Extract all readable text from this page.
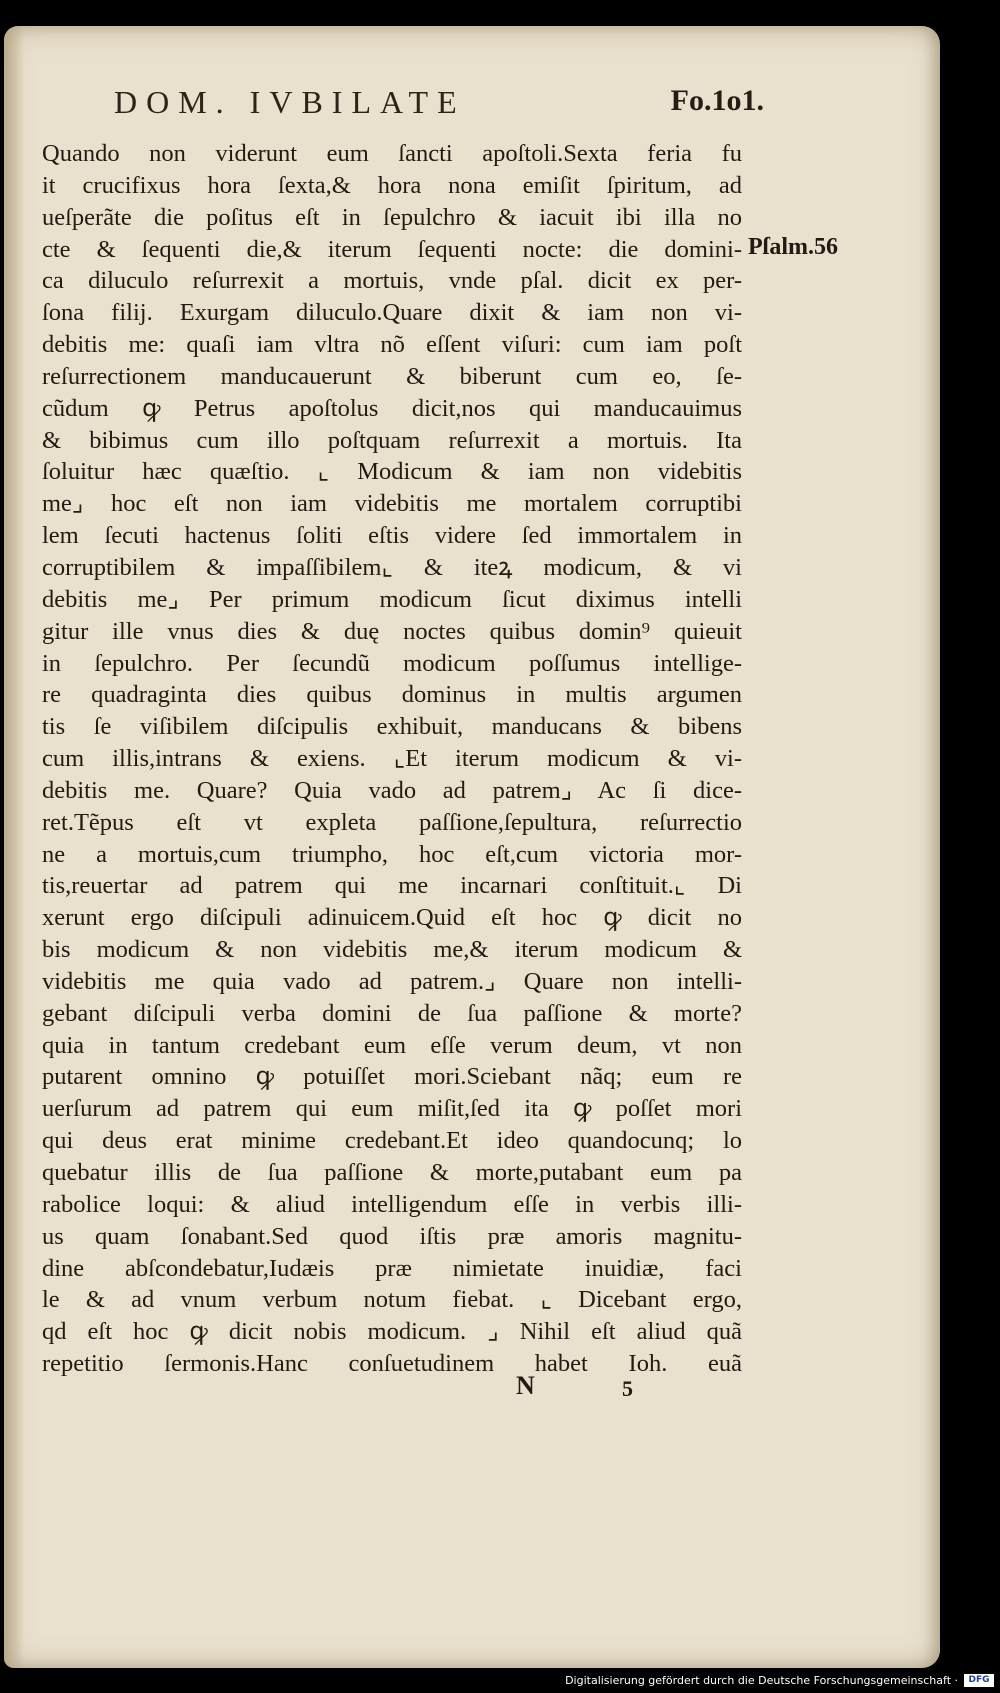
DOM. IVBILATE	Fo.1o1.
Quando non viderunt eum ſancti apoſtoli.Sexta feria fu
it crucifixus hora ſexta,& hora nona emiſit ſpiritum, ad
ueſperãte die poſitus eſt in ſepulchro & iacuit ibi illa no
cte & ſequenti die,& iterum ſequenti nocte: die domini-
ca diluculo reſurrexit a mortuis, vnde pſal. dicit ex per-
ſona filij. Exurgam diluculo.Quare dixit & iam non vi-
debitis me: quaſi iam vltra nõ eſſent viſuri: cum iam poſt
reſurrectionem manducauerunt & biberunt cum eo, ſe-
cũdum ꝙ Petrus apoſtolus dicit,nos qui manducauimus
& bibimus cum illo poſtquam reſurrexit a mortuis. Ita
ſoluitur hæc quæſtio. ⌞ Modicum & iam non videbitis
me⌟ hoc eſt non iam videbitis me mortalem corruptibi
lem ſecuti hactenus ſoliti eſtis videre ſed immortalem in
corruptibilem & impaſſibilem⌞ & iteꝝ modicum, & vi
debitis me⌟ Per primum modicum ſicut diximus intelli
gitur ille vnus dies & duę noctes quibus domin⁹ quieuit
in ſepulchro. Per ſecundũ modicum poſſumus intellige-
re quadraginta dies quibus dominus in multis argumen
tis ſe viſibilem diſcipulis exhibuit, manducans & bibens
cum illis,intrans & exiens. ⌞Et iterum modicum & vi-
debitis me. Quare? Quia vado ad patrem⌟ Ac ſi dice-
ret.Tẽpus eſt vt expleta paſſione,ſepultura, reſurrectio
ne a mortuis,cum triumpho, hoc eſt,cum victoria mor-
tis,reuertar ad patrem qui me incarnari conſtituit.⌞ Di
xerunt ergo diſcipuli adinuicem.Quid eſt hoc ꝙ dicit no
bis modicum & non videbitis me,& iterum modicum &
videbitis me quia vado ad patrem.⌟ Quare non intelli-
gebant diſcipuli verba domini de ſua paſſione & morte?
quia in tantum credebant eum eſſe verum deum, vt non
putarent omnino ꝙ potuiſſet mori.Sciebant nãq; eum re
uerſurum ad patrem qui eum miſit,ſed ita ꝙ poſſet mori
qui deus erat minime credebant.Et ideo quandocunq; lo
quebatur illis de ſua paſſione & morte,putabant eum pa
rabolice loqui: & aliud intelligendum eſſe in verbis illi-
us quam ſonabant.Sed quod iſtis præ amoris magnitu-
dine abſcondebatur,Iudæis præ nimietate inuidiæ, faci
le & ad vnum verbum notum fiebat. ⌞ Dicebant ergo,
qd eſt hoc ꝙ dicit nobis modicum. ⌟ Nihil eſt aliud quã
repetitio ſermonis.Hanc conſuetudinem habet Ioh. euã
Pſalm.56
N	5
Digitalisierung gefördert durch die Deutsche Forschungsgemeinschaft ·	DFG
